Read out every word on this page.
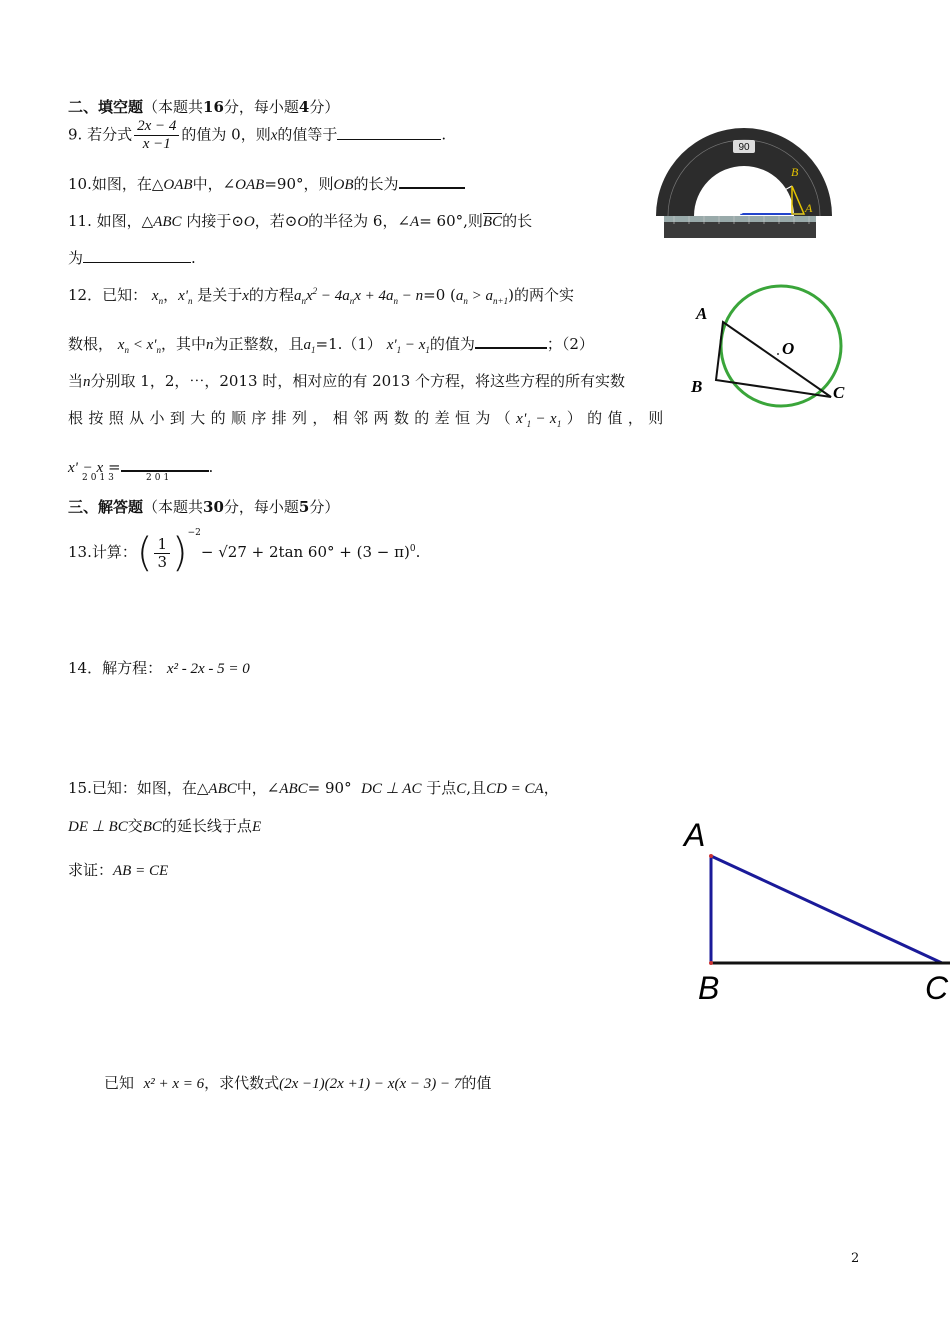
二、填空题（本题共16分，每小题4分）
9. 若分式 $\frac{2x - 4}{x -1}$ 的值为 0，则x的值等于	.
10.如图，在△OAB中，∠OAB=90°，则OB的长为
11. 如图，△ABC 内接于⊙O，若⊙O的半径为 6，∠A= 60°,则BC的长
为	.
12．已知： $x_n$，$x'_n$ 是关于x的方程$a_nx^2 - 4a_nx + 4a_n - n=0$ $(a_n > a_{n+1})$的两个实
数根， $x_n < x'_n$，其中n为正整数，且$a_1=1.(1) x'_1 - x_1$的值为	；（2）
当n分别取 1，2，⋯，2013 时，相对应的有 2013 个方程，将这些方程的所有实数
根 按 照 从 小 到 大 的 顺 序 排 列 ， 相 邻 两 数 的 差 恒 为 （ $x'_1 - x_1$ ） 的 值 ， 则
x' − x =	.
2013	201
三、解答题（本题共30分，每小题5分）
13.计算：( $\frac{1}{3} )^{-2}- √27 + 2\tan$ $60^\circ + (3 - \pi)^0$.
14．解方程： x² - 2x - 5 = 0
15.已知：如图，在△ABC中，∠ABC= 90° DC ⊥ AC 于点C,且CD = CA，
DE ⊥ BC交BC的延长线于点E
求证：AB = CE
已知 x² + x = 6，求代数式(2x −1)(2x +1) − x(x − 3) − 7的值
2
90
O
B
A
A
O
B	C
A
B	C
